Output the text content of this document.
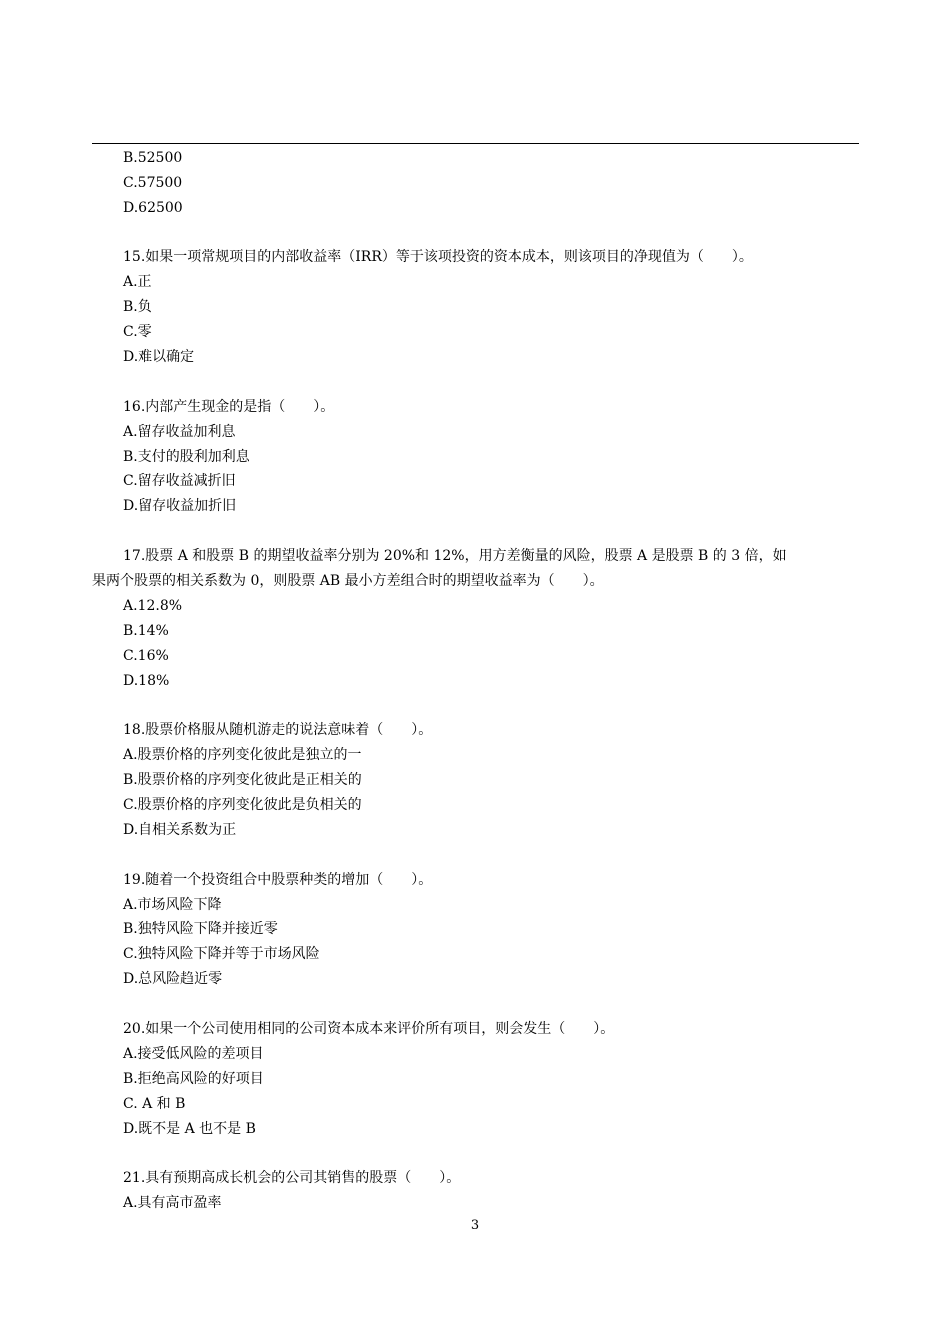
B.52500
C.57500
D.62500
15.如果一项常规项目的内部收益率（IRR）等于该项投资的资本成本，则该项目的净现值为（　　）。
A.正
B.负
C.零
D.难以确定
16.内部产生现金的是指（　　）。
A.留存收益加利息
B.支付的股利加利息
C.留存收益减折旧
D.留存收益加折旧
17.股票 A 和股票 B 的期望收益率分别为 20%和 12%，用方差衡量的风险，股票 A 是股票 B 的 3 倍，如
果两个股票的相关系数为 0，则股票 AB 最小方差组合时的期望收益率为（　　）。
A.12.8%
B.14%
C.16%
D.18%
18.股票价格服从随机游走的说法意味着（　　）。
A.股票价格的序列变化彼此是独立的一
B.股票价格的序列变化彼此是正相关的
C.股票价格的序列变化彼此是负相关的
D.自相关系数为正
19.随着一个投资组合中股票种类的增加（　　）。
A.市场风险下降
B.独特风险下降并接近零
C.独特风险下降并等于市场风险
D.总风险趋近零
20.如果一个公司使用相同的公司资本成本来评价所有项目，则会发生（　　）。
A.接受低风险的差项目
B.拒绝高风险的好项目
C. A 和 B
D.既不是 A 也不是 B
21.具有预期高成长机会的公司其销售的股票（　　）。
A.具有高市盈率
3
